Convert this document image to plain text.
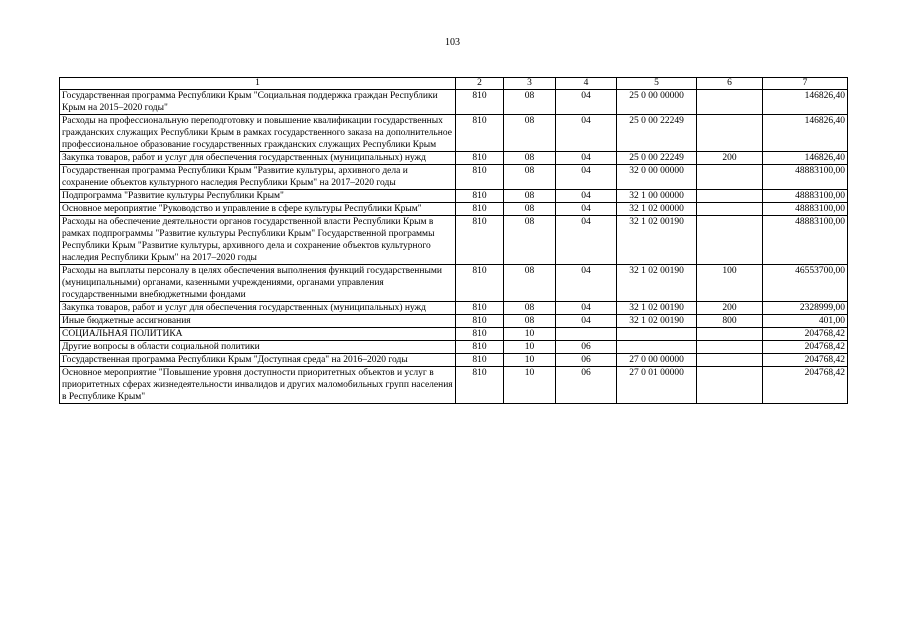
103
1	2	3	4	5	6	7
Государственная программа Республики Крым "Социальная поддержка граждан Республики Крым на 2015–2020 годы"	810	08	04	25 0 00 00000		146826,40
Расходы на профессиональную переподготовку и повышение квалификации государственных гражданских служащих Республики Крым в рамках государственного заказа на дополнительное профессиональное образование государственных гражданских служащих Республики Крым	810	08	04	25 0 00 22249		146826,40
Закупка товаров, работ и услуг для обеспечения государственных (муниципальных) нужд	810	08	04	25 0 00 22249	200	146826,40
Государственная программа Республики Крым "Развитие культуры, архивного дела и сохранение объектов культурного наследия Республики Крым" на 2017–2020 годы	810	08	04	32 0 00 00000		48883100,00
Подпрограмма "Развитие культуры Республики Крым"	810	08	04	32 1 00 00000		48883100,00
Основное мероприятие "Руководство и управление в сфере культуры Республики Крым"	810	08	04	32 1 02 00000		48883100,00
Расходы на обеспечение деятельности органов государственной власти Республики Крым в рамках подпрограммы "Развитие культуры Республики Крым" Государственной программы Республики Крым "Развитие культуры, архивного дела и сохранение объектов культурного наследия Республики Крым" на 2017–2020 годы	810	08	04	32 1 02 00190		48883100,00
Расходы на выплаты персоналу в целях обеспечения выполнения функций государственными (муниципальными) органами, казенными учреждениями, органами управления государственными внебюджетными фондами	810	08	04	32 1 02 00190	100	46553700,00
Закупка товаров, работ и услуг для обеспечения государственных (муниципальных) нужд	810	08	04	32 1 02 00190	200	2328999,00
Иные бюджетные ассигнования	810	08	04	32 1 02 00190	800	401,00
СОЦИАЛЬНАЯ ПОЛИТИКА	810	10				204768,42
Другие вопросы в области социальной политики	810	10	06			204768,42
Государственная программа Республики Крым "Доступная среда" на 2016–2020 годы	810	10	06	27 0 00 00000		204768,42
Основное мероприятие "Повышение уровня доступности приоритетных объектов и услуг в приоритетных сферах жизнедеятельности инвалидов и других маломобильных групп населения в Республике Крым"	810	10	06	27 0 01 00000		204768,42
